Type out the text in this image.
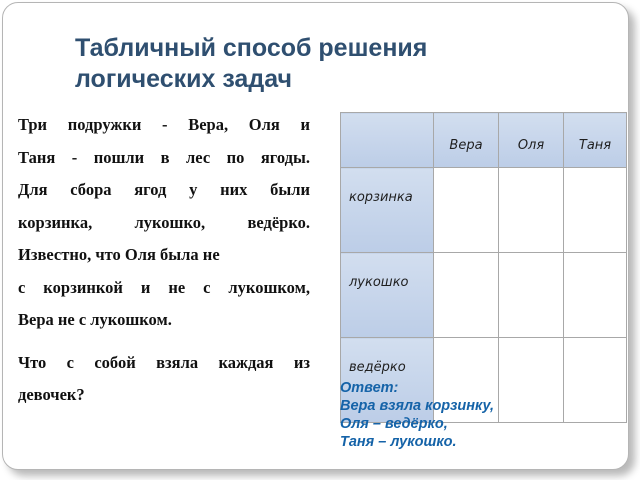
Табличный способ решения
логических задач
Три подружки - Вера, Оля и
Таня - пошли в лес по ягоды.
Для сбора ягод у них были
корзинка, лукошко, ведёрко.
Известно, что Оля была не
с корзинкой и не с лукошком,
Вера не с лукошком.
Что с собой взяла каждая из
девочек?
	Вера	Оля	Таня
корзинка			
лукошко			
ведёрко			
Ответ:
Вера взяла корзинку,
Оля – ведёрко,
Таня – лукошко.
